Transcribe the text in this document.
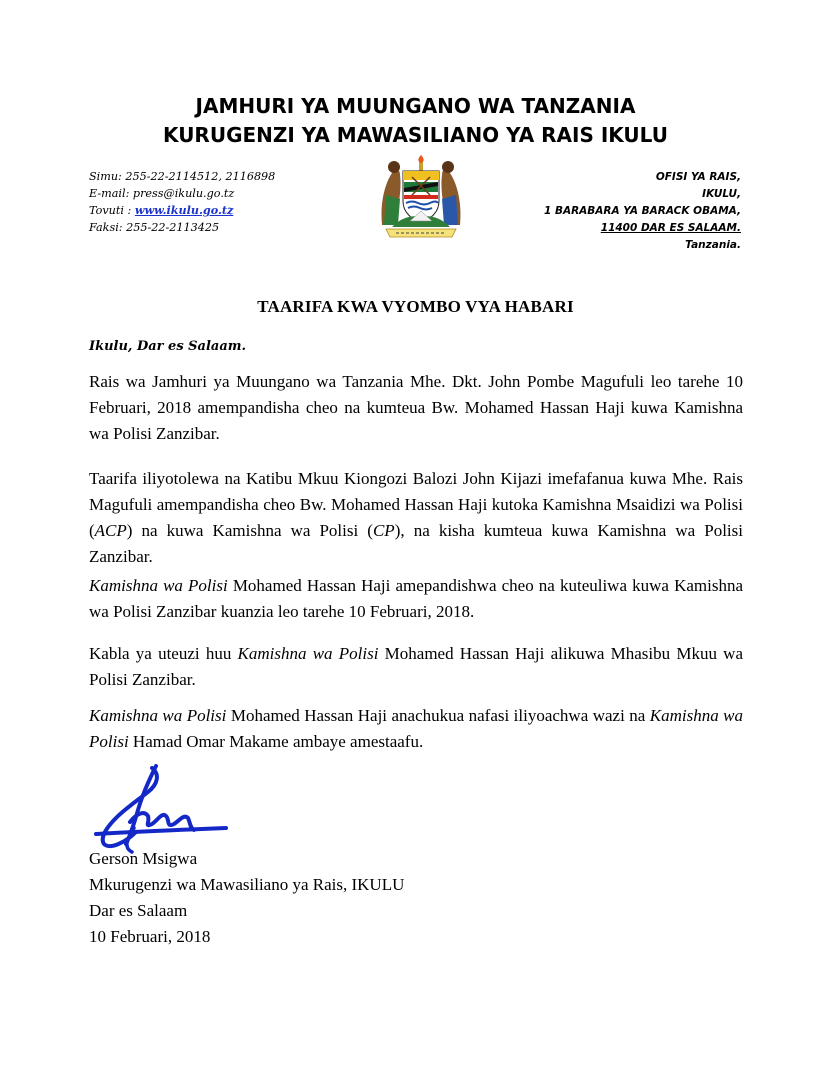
JAMHURI YA MUUNGANO WA TANZANIA
KURUGENZI YA MAWASILIANO YA RAIS IKULU
Simu: 255-22-2114512, 2116898
E-mail: press@ikulu.go.tz
Tovuti : www.ikulu.go.tz
Faksi: 255-22-2113425
OFISI YA RAIS,
IKULU,
1 BARABARA YA BARACK OBAMA,
11400 DAR ES SALAAM.
Tanzania.
TAARIFA KWA VYOMBO VYA HABARI
Ikulu, Dar es Salaam.
Rais wa Jamhuri ya Muungano wa Tanzania Mhe. Dkt. John Pombe Magufuli leo tarehe 10 Februari, 2018 amempandisha cheo na kumteua Bw. Mohamed Hassan Haji kuwa Kamishna wa Polisi Zanzibar.
Taarifa iliyotolewa na Katibu Mkuu Kiongozi Balozi John Kijazi imefafanua kuwa Mhe. Rais Magufuli amempandisha cheo Bw. Mohamed Hassan Haji kutoka Kamishna Msaidizi wa Polisi (ACP) na kuwa Kamishna wa Polisi (CP), na kisha kumteua kuwa Kamishna wa Polisi Zanzibar.
Kamishna wa Polisi Mohamed Hassan Haji amepandishwa cheo na kuteuliwa kuwa Kamishna wa Polisi Zanzibar kuanzia leo tarehe 10 Februari, 2018.
Kabla ya uteuzi huu Kamishna wa Polisi Mohamed Hassan Haji alikuwa Mhasibu Mkuu wa Polisi Zanzibar.
Kamishna wa Polisi Mohamed Hassan Haji anachukua nafasi iliyoachwa wazi na Kamishna wa Polisi Hamad Omar Makame ambaye amestaafu.
Gerson Msigwa
Mkurugenzi wa Mawasiliano ya Rais, IKULU
Dar es Salaam
10 Februari, 2018
